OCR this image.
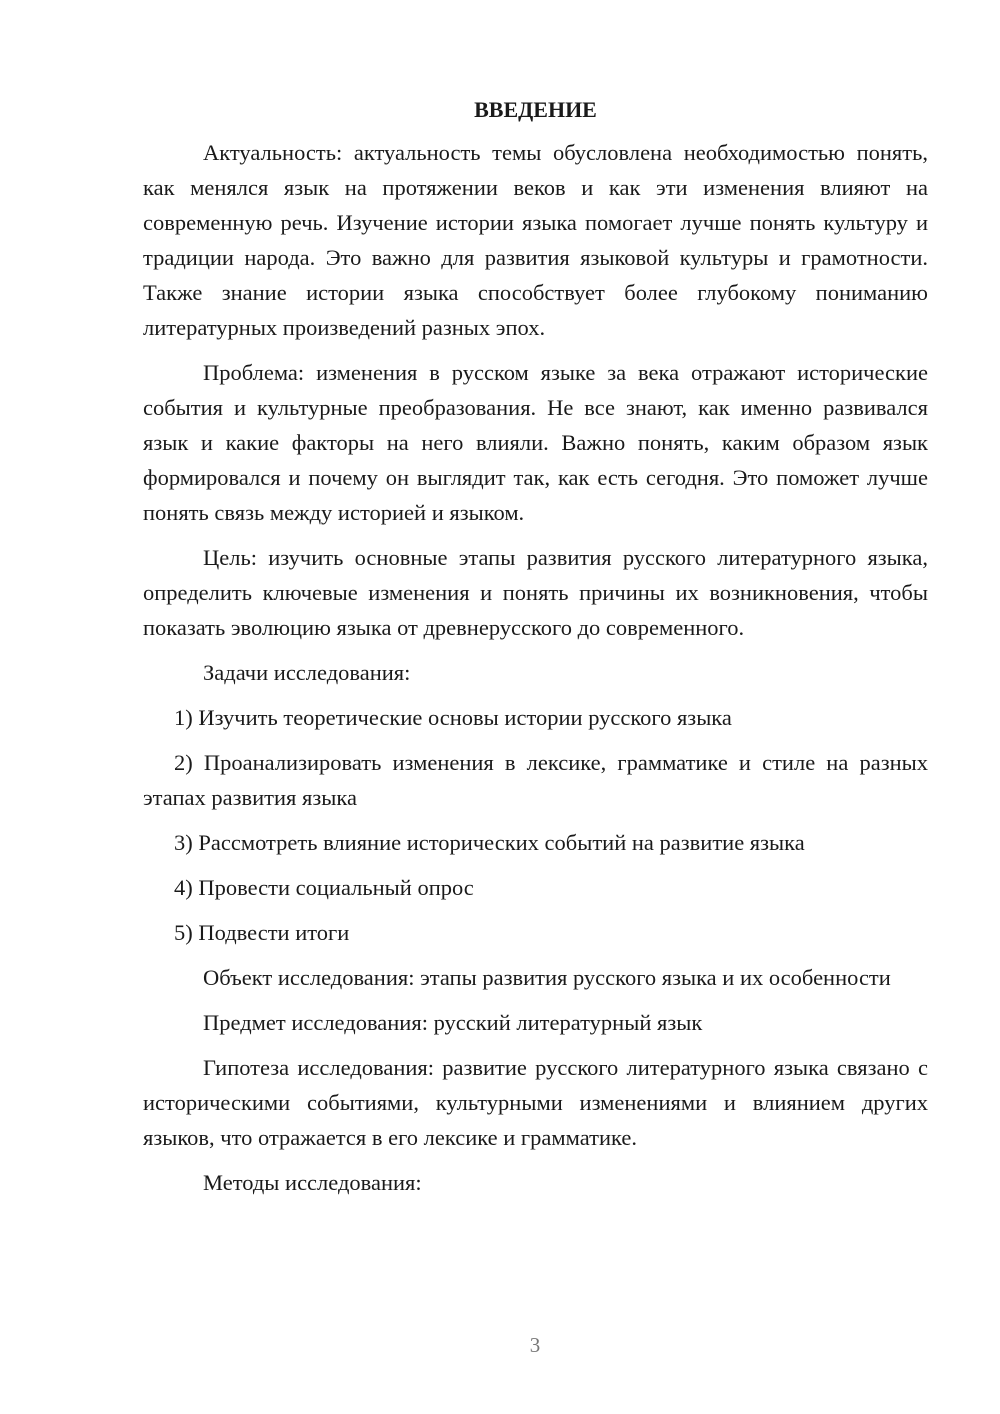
ВВЕДЕНИЕ

Актуальность: актуальность темы обусловлена необходимостью понять, как менялся язык на протяжении веков и как эти изменения влияют на современную речь. Изучение истории языка помогает лучше понять культуру и традиции народа. Это важно для развития языковой культуры и грамотности. Также знание истории языка способствует более глубокому пониманию литературных произведений разных эпох.

Проблема: изменения в русском языке за века отражают исторические события и культурные преобразования. Не все знают, как именно развивался язык и какие факторы на него влияли. Важно понять, каким образом язык формировался и почему он выглядит так, как есть сегодня. Это поможет лучше понять связь между историей и языком.

Цель: изучить основные этапы развития русского литературного языка, определить ключевые изменения и понять причины их возникновения, чтобы показать эволюцию языка от древнерусского до современного.

Задачи исследования:

1) Изучить теоретические основы истории русского языка

2) Проанализировать изменения в лексике, грамматике и стиле на разных этапах развития языка

3) Рассмотреть влияние исторических событий на развитие языка

4) Провести социальный опрос

5) Подвести итоги

Объект исследования: этапы развития русского языка и их особенности

Предмет исследования: русский литературный язык

Гипотеза исследования: развитие русского литературного языка связано с историческими событиями, культурными изменениями и влиянием других языков, что отражается в его лексике и грамматике.

Методы исследования:

3
